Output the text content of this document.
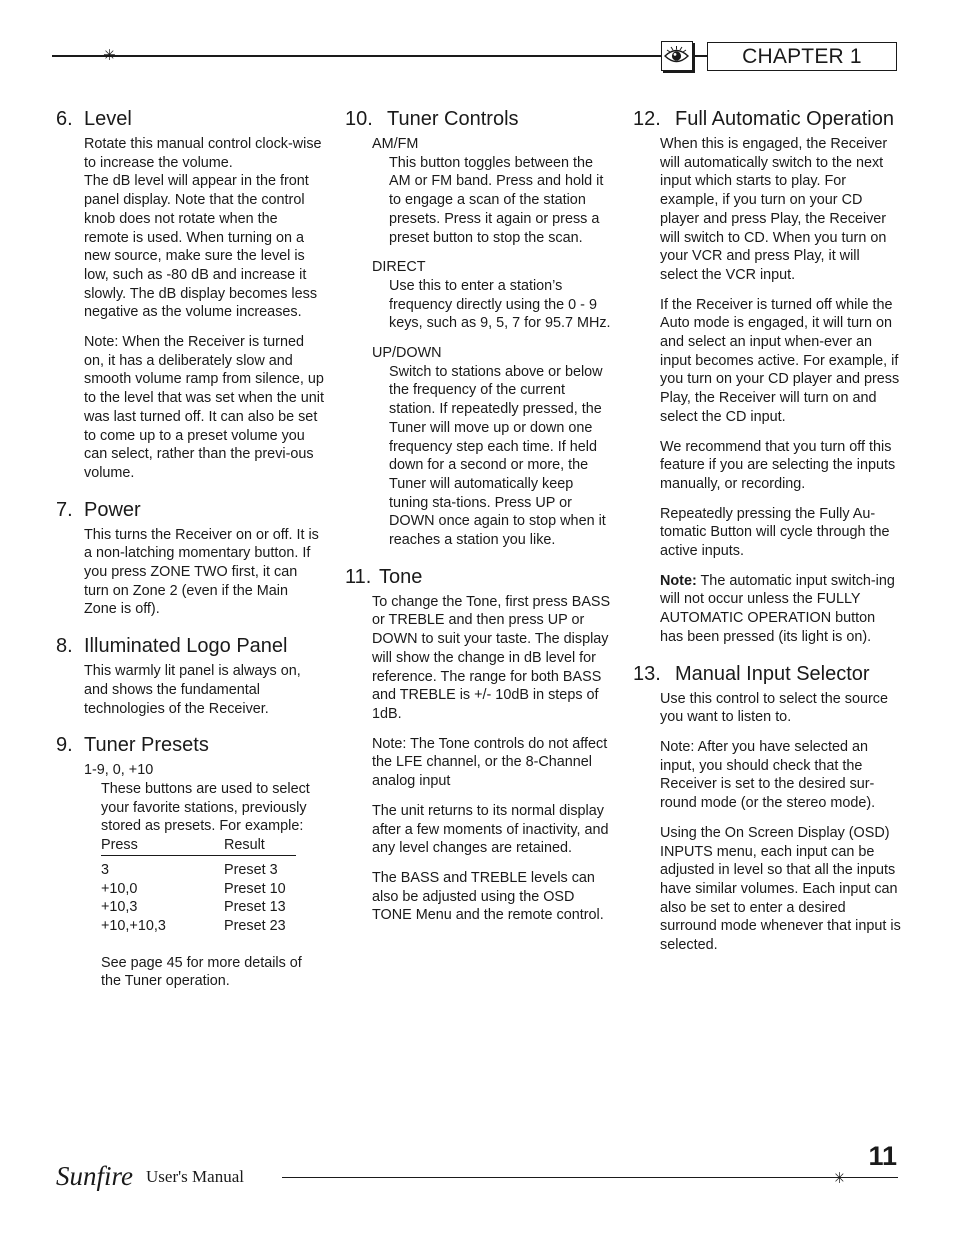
✳	CHAPTER 1
6. Level

Rotate this manual control clock-wise to increase the volume.

The dB level will appear in the front panel display. Note that the control knob does not rotate when the remote is used. When turning on a new source, make sure the level is low, such as -80 dB and increase it slowly. The dB display becomes less negative as the volume increases.

Note: When the Receiver is turned on, it has a deliberately slow and smooth volume ramp from silence, up to the level that was set when the unit was last turned off. It can also be set to come up to a preset volume you can select, rather than the previ-ous volume.

7. Power

This turns the Receiver on or off. It is a non-latching momentary button. If you press ZONE TWO first, it can turn on Zone 2 (even if the Main Zone is off).

8. Illuminated Logo Panel

This warmly lit panel is always on, and shows the fundamental technologies of the Receiver.

9. Tuner Presets

1-9, 0, +10

These buttons are used to select your favorite stations, previously stored as presets. For example:

Press	Result
3	Preset 3
+10,0	Preset 10
+10,3	Preset 13
+10,+10,3	Preset 23

See page 45 for more details of the Tuner operation.

10. Tuner Controls

AM/FM

This button toggles between the AM or FM band. Press and hold it to engage a scan of the station presets. Press it again or press a preset button to stop the scan.

DIRECT

Use this to enter a station’s frequency directly using the 0 - 9 keys, such as 9, 5, 7 for 95.7 MHz.

UP/DOWN

Switch to stations above or below the frequency of the current station. If repeatedly pressed, the Tuner will move up or down one frequency step each time. If held down for a second or more, the Tuner will automatically keep tuning sta-tions. Press UP or DOWN once again to stop when it reaches a station you like.

11. Tone

To change the Tone, first press BASS or TREBLE and then press UP or DOWN to suit your taste. The display will show the change in dB level for reference. The range for both BASS and TREBLE is +/- 10dB in steps of 1dB.

Note: The Tone controls do not affect the LFE channel, or the 8-Channel analog input

The unit returns to its normal display after a few moments of inactivity, and any level changes are retained.

The BASS and TREBLE levels can also be adjusted using the OSD TONE Menu and the remote control.

12. Full Automatic Operation

When this is engaged, the Receiver will automatically switch to the next input which starts to play. For example, if you turn on your CD player and press Play, the Receiver will switch to CD. When you turn on your VCR and press Play, it will select the VCR input.

If the Receiver is turned off while the Auto mode is engaged, it will turn on and select an input when-ever an input becomes active. For example, if you turn on your CD player and press Play, the Receiver will turn on and select the CD input.

We recommend that you turn off this feature if you are selecting the inputs manually, or recording.

Repeatedly pressing the Fully Au-tomatic Button will cycle through the active inputs.

Note: The automatic input switch-ing will not occur unless the FULLY AUTOMATIC OPERATION button has been pressed (its light is on).

13. Manual Input Selector

Use this control to select the source you want to listen to.

Note: After you have selected an input, you should check that the Receiver is set to the desired sur-round mode (or the stereo mode).

Using the On Screen Display (OSD) INPUTS menu, each input can be adjusted in level so that all the inputs have similar volumes. Each input can also be set to enter a desired surround mode whenever that input is selected.

Sunfire User's Manual	✳
11
